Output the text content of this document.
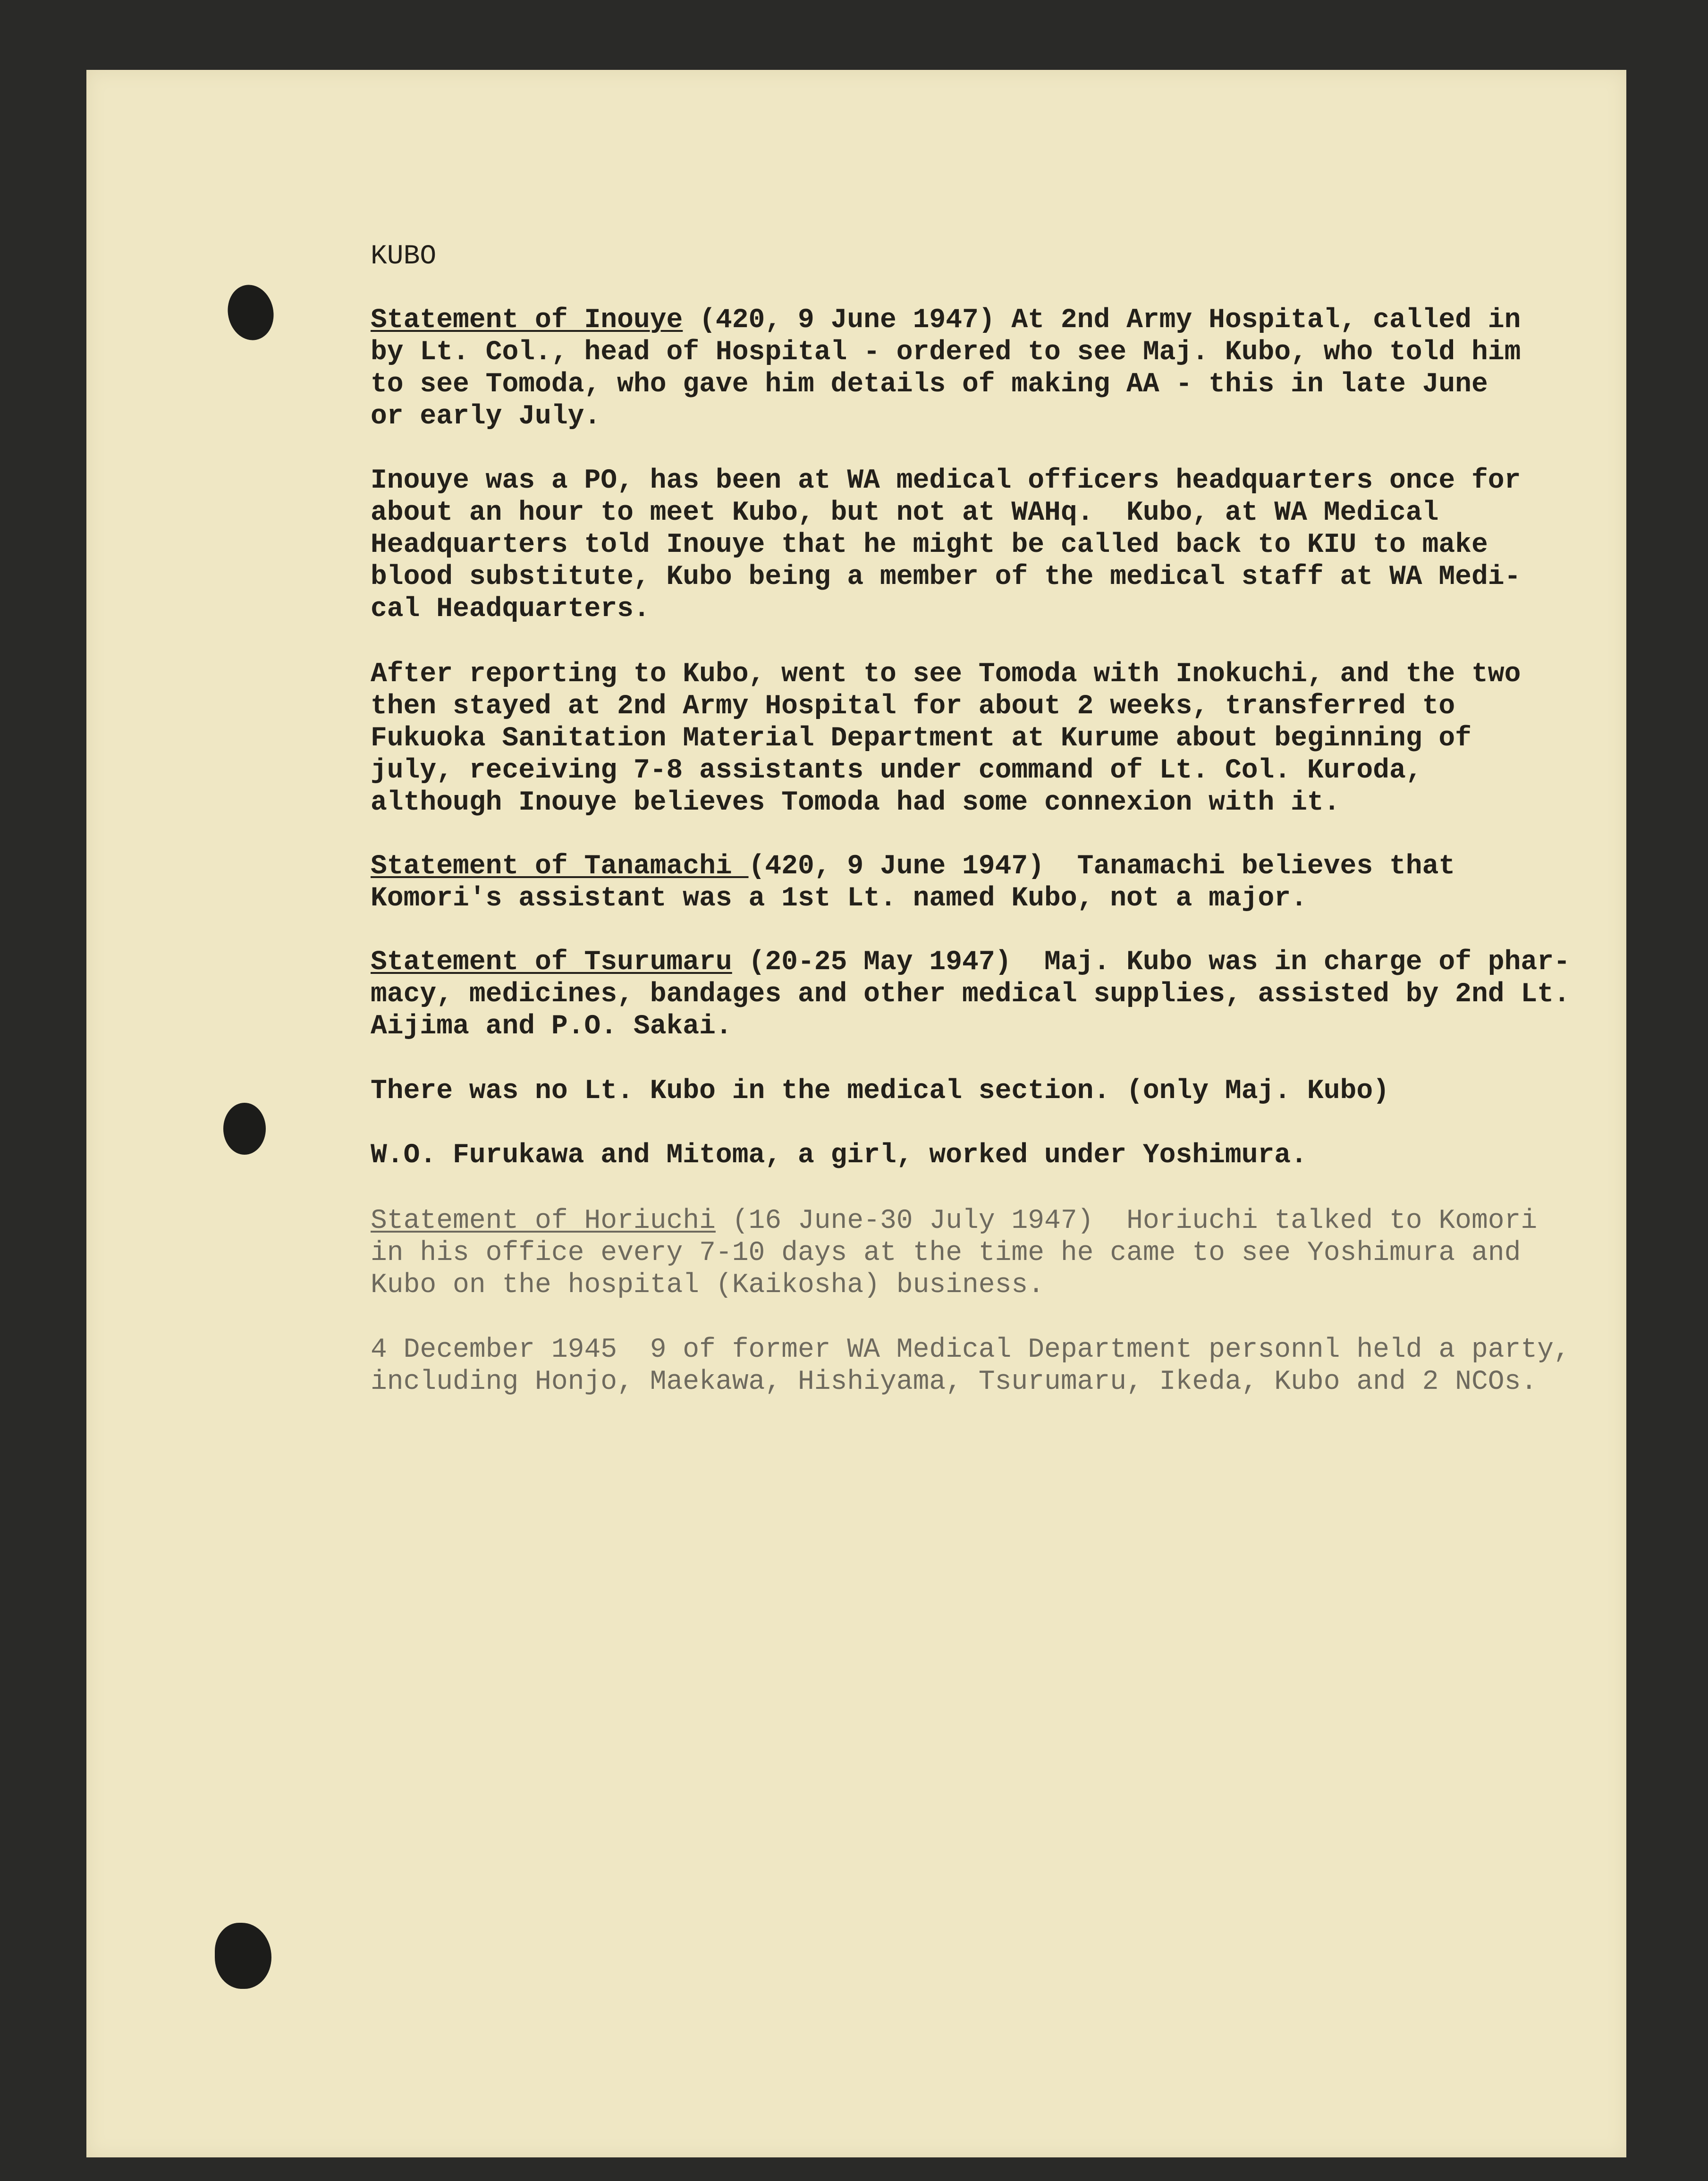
KUBO
Statement of Inouye (420, 9 June 1947) At 2nd Army Hospital, called in
by Lt. Col., head of Hospital - ordered to see Maj. Kubo, who told him
to see Tomoda, who gave him details of making AA - this in late June
or early July.
Inouye was a PO, has been at WA medical officers headquarters once for
about an hour to meet Kubo, but not at WAHq.  Kubo, at WA Medical
Headquarters told Inouye that he might be called back to KIU to make
blood substitute, Kubo being a member of the medical staff at WA Medi-
cal Headquarters.
After reporting to Kubo, went to see Tomoda with Inokuchi, and the two
then stayed at 2nd Army Hospital for about 2 weeks, transferred to
Fukuoka Sanitation Material Department at Kurume about beginning of
july, receiving 7-8 assistants under command of Lt. Col. Kuroda,
although Inouye believes Tomoda had some connexion with it.
Statement of Tanamachi (420, 9 June 1947)  Tanamachi believes that
Komori's assistant was a 1st Lt. named Kubo, not a major.
Statement of Tsurumaru (20-25 May 1947)  Maj. Kubo was in charge of phar-
macy, medicines, bandages and other medical supplies, assisted by 2nd Lt.
Aijima and P.O. Sakai.
There was no Lt. Kubo in the medical section. (only Maj. Kubo)
W.O. Furukawa and Mitoma, a girl, worked under Yoshimura.
Statement of Horiuchi (16 June-30 July 1947)  Horiuchi talked to Komori
in his office every 7-10 days at the time he came to see Yoshimura and
Kubo on the hospital (Kaikosha) business.
4 December 1945  9 of former WA Medical Department personnl held a party,
including Honjo, Maekawa, Hishiyama, Tsurumaru, Ikeda, Kubo and 2 NCOs.
